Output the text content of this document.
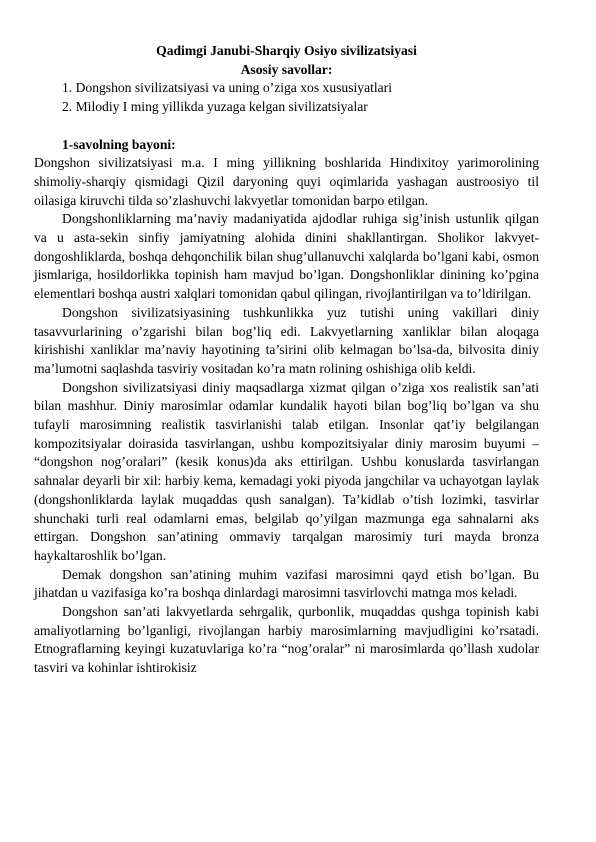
Qadimgi Janubi-Sharqiy Osiyo sivilizatsiyasi
Asosiy savollar:
1. Dongshon sivilizatsiyasi va uning o’ziga xos xususiyatlari
2. Milodiy I ming yillikda yuzaga kelgan sivilizatsiyalar
1-savolning bayoni:

Dongshon sivilizatsiyasi m.a. I ming yillikning boshlarida Hindixitoy yarimorolining shimoliy-sharqiy qismidagi Qizil daryoning quyi oqimlarida yashagan austroosiyo til oilasiga kiruvchi tilda so’zlashuvchi lakvyetlar tomonidan barpo etilgan.

Dongshonliklarning ma’naviy madaniyatida ajdodlar ruhiga sig’inish ustunlik qilgan va u asta-sekin sinfiy jamiyatning alohida dinini shakllantirgan. Sholikor lakvyet-dongoshliklarda, boshqa dehqonchilik bilan shug’ullanuvchi xalqlarda bo’lgani kabi, osmon jismlariga, hosildorlikka topinish ham mavjud bo’lgan. Dongshonliklar dinining ko’pgina elementlari boshqa austri xalqlari tomonidan qabul qilingan, rivojlantirilgan va to’ldirilgan.

Dongshon sivilizatsiyasining tushkunlikka yuz tutishi uning vakillari diniy tasavvurlarining o’zgarishi bilan bog’liq edi. Lakvyetlarning xanliklar bilan aloqaga kirishishi xanliklar ma’naviy hayotining ta’sirini olib kelmagan bo’lsa-da, bilvosita diniy ma’lumotni saqlashda tasviriy vositadan ko’ra matn rolining oshishiga olib keldi.

Dongshon sivilizatsiyasi diniy maqsadlarga xizmat qilgan o’ziga xos realistik san’ati bilan mashhur. Diniy marosimlar odamlar kundalik hayoti bilan bog’liq bo’lgan va shu tufayli marosimning realistik tasvirlanishi talab etilgan. Insonlar qat’iy belgilangan kompozitsiyalar doirasida tasvirlangan, ushbu kompozitsiyalar diniy marosim buyumi – “dongshon nog’oralari” (kesik konus)da aks ettirilgan. Ushbu konuslarda tasvirlangan sahnalar deyarli bir xil: harbiy kema, kemadagi yoki piyoda jangchilar va uchayotgan laylak (dongshonliklarda laylak muqaddas qush sanalgan). Ta’kidlab o’tish lozimki, tasvirlar shunchaki turli real odamlarni emas, belgilab qo’yilgan mazmunga ega sahnalarni aks ettirgan. Dongshon san’atining ommaviy tarqalgan marosimiy turi mayda bronza haykaltaroshlik bo’lgan.

Demak dongshon san’atining muhim vazifasi marosimni qayd etish bo’lgan. Bu jihatdan u vazifasiga ko’ra boshqa dinlardagi marosimni tasvirlovchi matnga mos keladi.

Dongshon san’ati lakvyetlarda sehrgalik, qurbonlik, muqaddas qushga topinish kabi amaliyotlarning bo’lganligi, rivojlangan harbiy marosimlarning mavjudligini ko’rsatadi. Etnograflarning keyingi kuzatuvlariga ko’ra “nog’oralar” ni marosimlarda qo’llash xudolar tasviri va kohinlar ishtirokisiz
